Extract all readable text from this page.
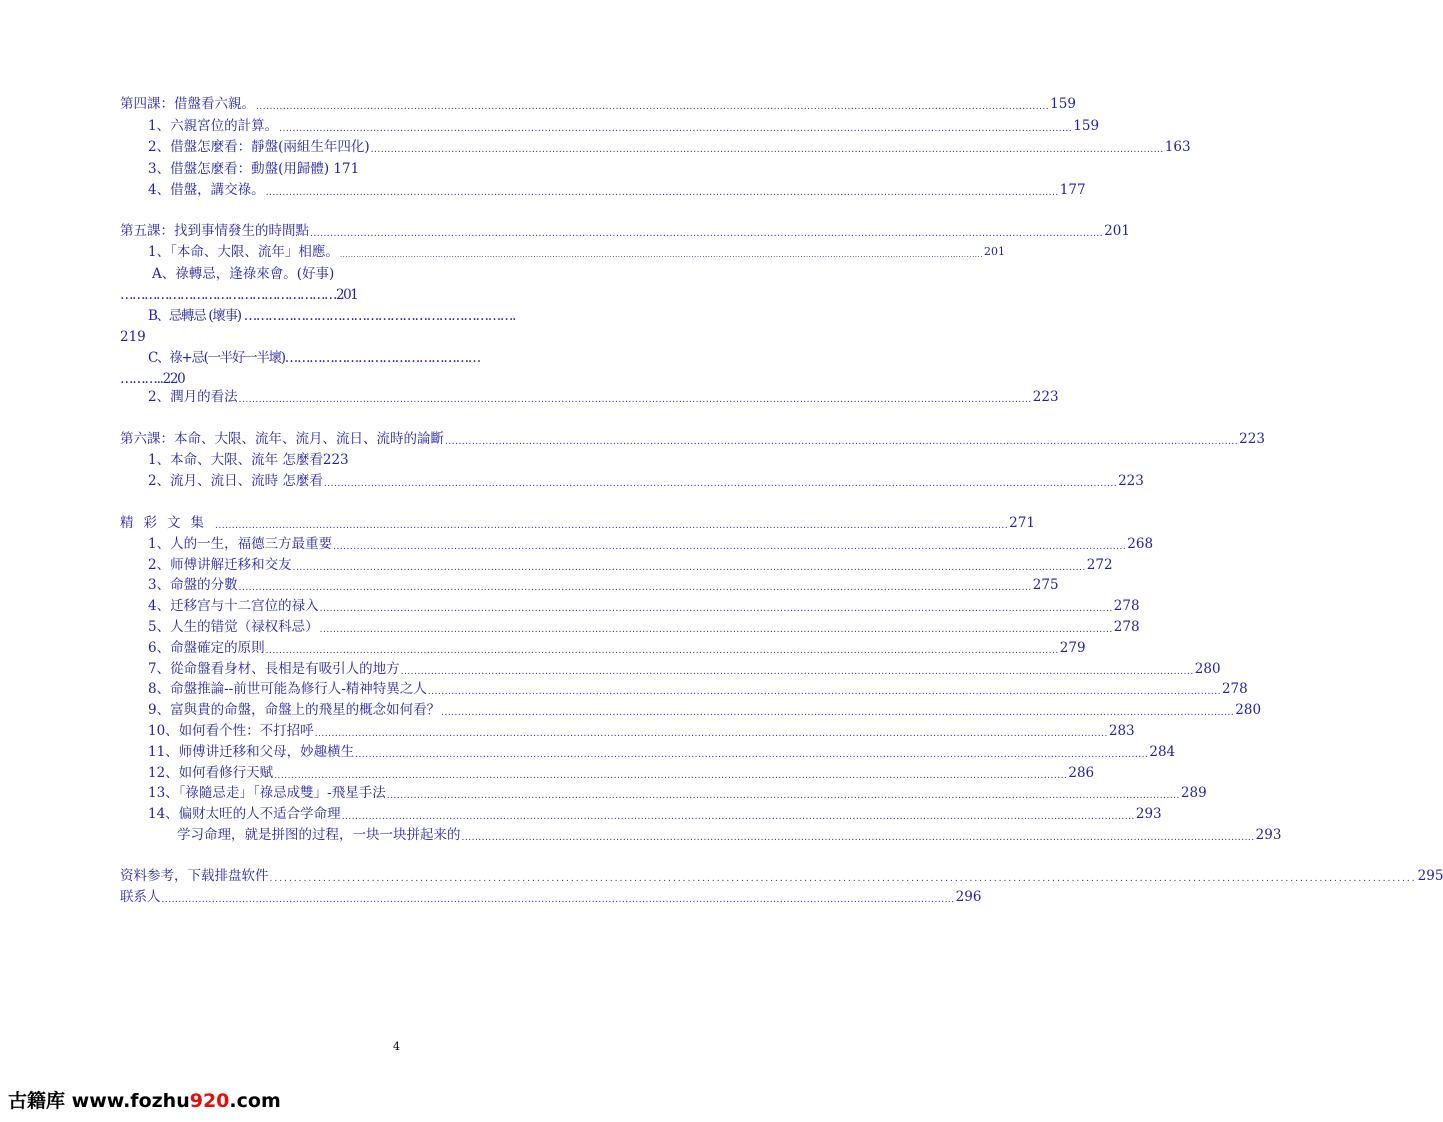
第四課：借盤看六親。 ............................................................................................................................................................................................................................................ 159
1、六親宮位的計算。 ............................................................................................................................................................................................................................................ 159
2、借盤怎麼看：靜盤(兩組生年四化) ............................................................................................................................................................................................................................................ 163
3、借盤怎麼看：動盤(用歸體) 171
4、借盤，講交祿。 ............................................................................................................................................................................................................................................ 177
第五課：找到事情發生的時間點 ............................................................................................................................................................................................................................................ 201
1、「本命、大限、流年」相應。 ............................................................................................................................................................................................................................................ 201
A、祿轉忌，逢祿來會。(好事)
………………………………………………201
B、忌轉忌 (壞事) ………………………………………………………….
219
C、祿+忌(一半好一半壞)…………………………………………
………..220
2、潤月的看法 ............................................................................................................................................................................................................................................ 223
第六課：本命、大限、流年、流月、流日、流時的論斷 ............................................................................................................................................................................................................................................ 223
1、本命、大限、流年 怎麼看223
2、流月、流日、流時 怎麼看 ............................................................................................................................................................................................................................................ 223
精彩文集 ............................................................................................................................................................................................................................................ 271
1、人的一生，福德三方最重要 ............................................................................................................................................................................................................................................ 268
2、师傅讲解迁移和交友 ............................................................................................................................................................................................................................................ 272
3、命盤的分數 ............................................................................................................................................................................................................................................ 275
4、迁移宫与十二宫位的禄入 ............................................................................................................................................................................................................................................ 278
5、人生的错觉（禄权科忌） ............................................................................................................................................................................................................................................ 278
6、命盤確定的原則 ............................................................................................................................................................................................................................................ 279
7、從命盤看身材、長相是有吸引人的地方 ............................................................................................................................................................................................................................................ 280
8、命盤推論--前世可能為修行人-精神特異之人 ............................................................................................................................................................................................................................................ 278
9、富與貴的命盤，命盤上的飛星的概念如何看？ ............................................................................................................................................................................................................................................ 280
10、如何看个性：不打招呼 ............................................................................................................................................................................................................................................ 283
11、师傅讲迁移和父母，妙趣横生 ............................................................................................................................................................................................................................................ 284
12、如何看修行天赋 ............................................................................................................................................................................................................................................ 286
13、「祿隨忌走」「祿忌成雙」-飛星手法 ............................................................................................................................................................................................................................................ 289
14、偏财太旺的人不适合学命理 ............................................................................................................................................................................................................................................ 293
学习命理，就是拼图的过程，一块一块拼起来的 ............................................................................................................................................................................................................................................ 293
资料参考，下载排盘软件 ............................................................................................................................................................................................................................................ 295
联系人 ............................................................................................................................................................................................................................................ 296
4
古籍库 www.fozhu920.com
